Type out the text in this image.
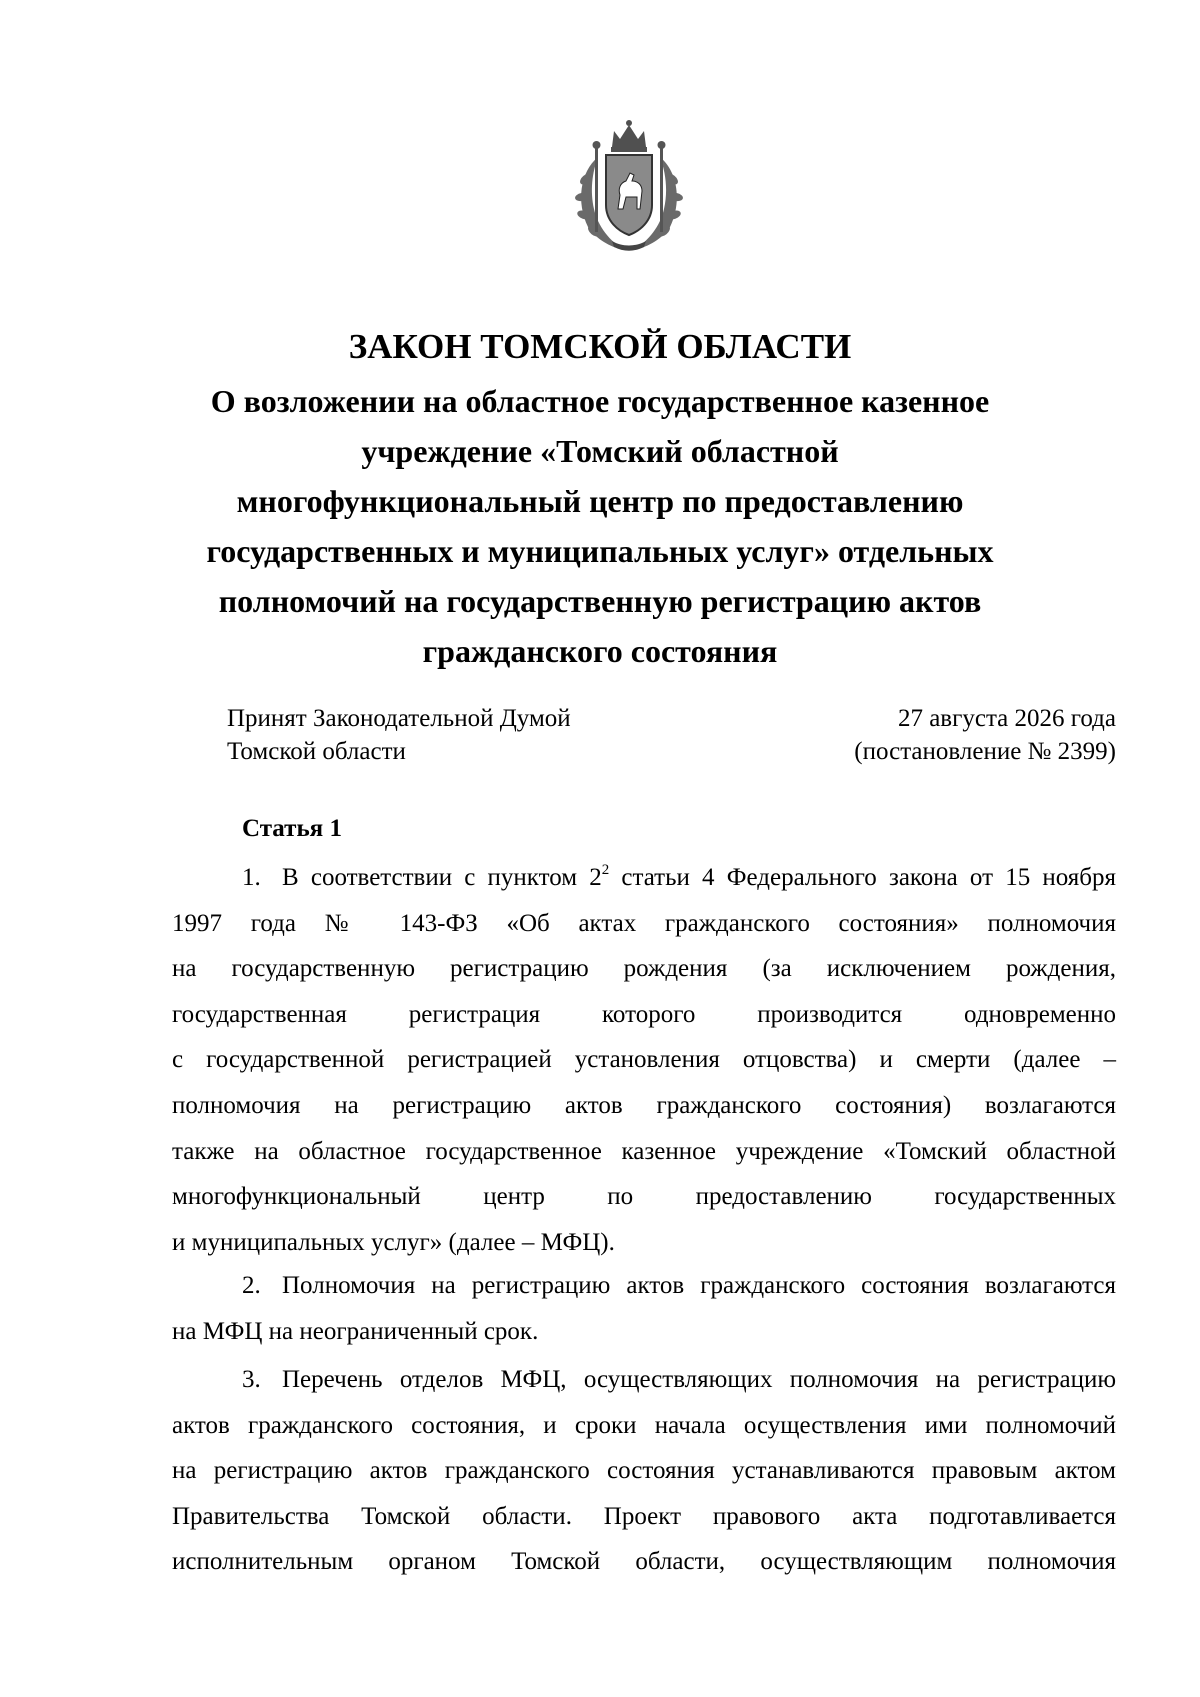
ЗАКОН ТОМСКОЙ ОБЛАСТИ
О возложении на областное государственное казенное
учреждение «Томский областной
многофункциональный центр по предоставлению
государственных и муниципальных услуг» отдельных
полномочий на государственную регистрацию актов
гражданского состояния
Принят Законодательной Думой
Томской области
27 августа 2026 года
(постановление № 2399)
Статья 1
1. В соответствии с пунктом $2^2$ статьи 4 Федерального закона от 15 ноября
1997 года № 143-ФЗ «Об актах гражданского состояния» полномочия
на государственную регистрацию рождения (за исключением рождения,
государственная регистрация которого производится одновременно
с государственной регистрацией установления отцовства) и смерти (далее –
полномочия на регистрацию актов гражданского состояния) возлагаются
также на областное государственное казенное учреждение «Томский областной
многофункциональный центр по предоставлению государственных
и муниципальных услуг» (далее – МФЦ).
2. Полномочия на регистрацию актов гражданского состояния возлагаются
на МФЦ на неограниченный срок.
3. Перечень отделов МФЦ, осуществляющих полномочия на регистрацию
актов гражданского состояния, и сроки начала осуществления ими полномочий
на регистрацию актов гражданского состояния устанавливаются правовым актом
Правительства Томской области. Проект правового акта подготавливается
исполнительным органом Томской области, осуществляющим полномочия
